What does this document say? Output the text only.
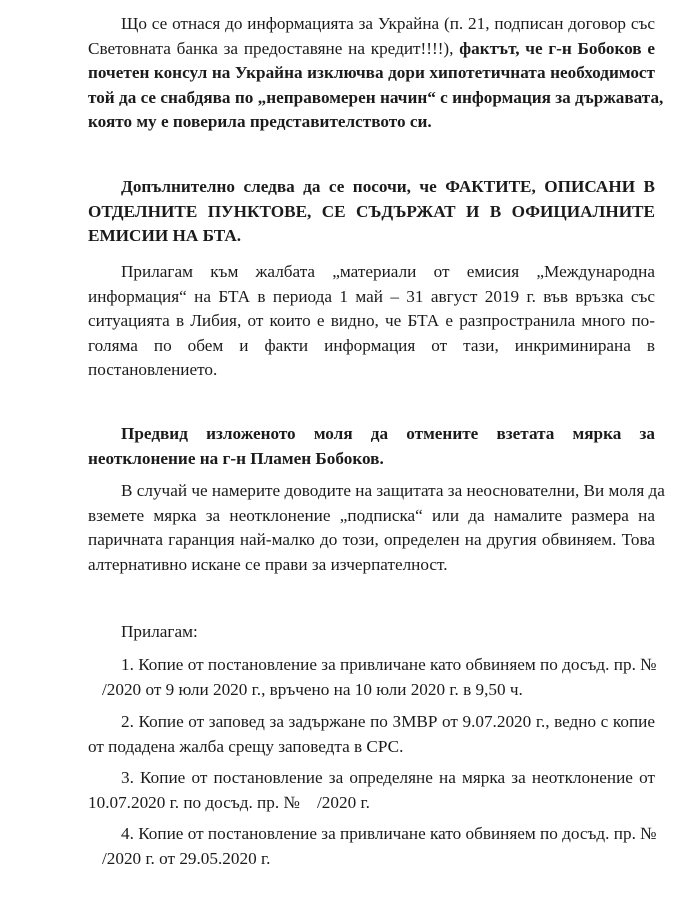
Що се отнася до информацията за Украйна (п. 21, подписан договор със
Световната банка за предоставяне на кредит!!!!), фактът, че г-н Бобоков е
почетен консул на Украйна изключва дори хипотетичната необходимост
той да се снабдява по „неправомерен начин“ с информация за държавата,
която му е поверила представителството си.
Допълнително следва да се посочи, че ФАКТИТЕ, ОПИСАНИ В
ОТДЕЛНИТЕ ПУНКТОВЕ, СЕ СЪДЪРЖАТ И В ОФИЦИАЛНИТЕ
ЕМИСИИ НА БТА.
Прилагам към жалбата „материали от емисия „Международна
информация“ на БТА в периода 1 май – 31 август 2019 г. във връзка със
ситуацията в Либия, от които е видно, че БТА е разпространила много по-
голяма по обем и факти информация от тази, инкриминирана в
постановлението.
Предвид изложеното моля да отмените взетата мярка за
неотклонение на г-н Пламен Бобоков.
В случай че намерите доводите на защитата за неоснователни, Ви моля да
вземете мярка за неотклонение „подписка“ или да намалите размера на
паричната гаранция най-малко до този, определен на другия обвиняем. Това
алтернативно искане се прави за изчерпателност.
Прилагам:
1. Копие от постановление за привличане като обвиняем по досъд. пр. №
/2020 от 9 юли 2020 г., връчено на 10 юли 2020 г. в 9,50 ч.
2. Копие от заповед за задържане по ЗМВР от 9.07.2020 г., ведно с копие
от подадена жалба срещу заповедта в СРС.
3. Копие от постановление за определяне на мярка за неотклонение от
10.07.2020 г. по досъд. пр. №    /2020 г.
4. Копие от постановление за привличане като обвиняем по досъд. пр. №
/2020 г. от 29.05.2020 г.
